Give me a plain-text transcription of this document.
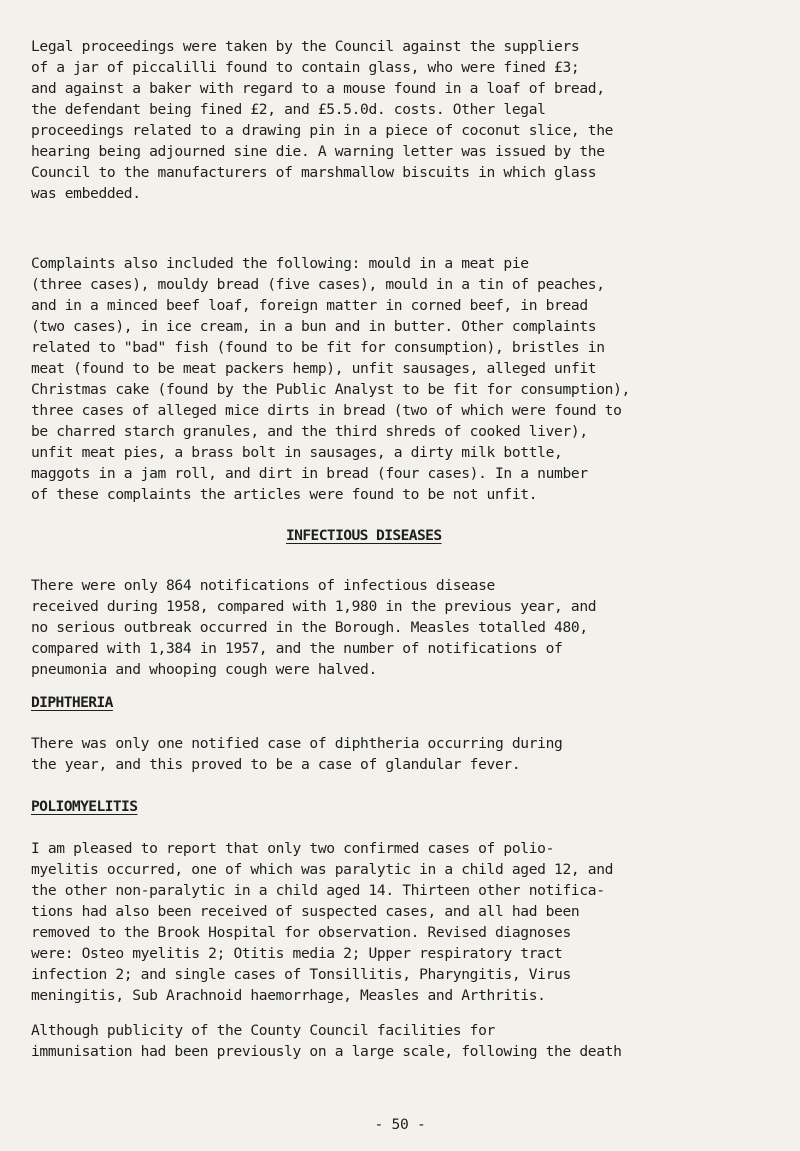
Legal proceedings were taken by the Council against the suppliers
of a jar of piccalilli found to contain glass, who were fined £3;
and against a baker with regard to a mouse found in a loaf of bread,
the defendant being fined £2, and £5.5.0d. costs. Other legal
proceedings related to a drawing pin in a piece of coconut slice, the
hearing being adjourned sine die. A warning letter was issued by the
Council to the manufacturers of marshmallow biscuits in which glass
was embedded.

Complaints also included the following: mould in a meat pie
(three cases), mouldy bread (five cases), mould in a tin of peaches,
and in a minced beef loaf, foreign matter in corned beef, in bread
(two cases), in ice cream, in a bun and in butter. Other complaints
related to "bad" fish (found to be fit for consumption), bristles in
meat (found to be meat packers hemp), unfit sausages, alleged unfit
Christmas cake (found by the Public Analyst to be fit for consumption),
three cases of alleged mice dirts in bread (two of which were found to
be charred starch granules, and the third shreds of cooked liver),
unfit meat pies, a brass bolt in sausages, a dirty milk bottle,
maggots in a jam roll, and dirt in bread (four cases). In a number
of these complaints the articles were found to be not unfit.

INFECTIOUS DISEASES

There were only 864 notifications of infectious disease
received during 1958, compared with 1,980 in the previous year, and
no serious outbreak occurred in the Borough. Measles totalled 480,
compared with 1,384 in 1957, and the number of notifications of
pneumonia and whooping cough were halved.

DIPHTHERIA

There was only one notified case of diphtheria occurring during
the year, and this proved to be a case of glandular fever.

POLIOMYELITIS

I am pleased to report that only two confirmed cases of polio-
myelitis occurred, one of which was paralytic in a child aged 12, and
the other non-paralytic in a child aged 14. Thirteen other notifica-
tions had also been received of suspected cases, and all had been
removed to the Brook Hospital for observation. Revised diagnoses
were: Osteo myelitis 2; Otitis media 2; Upper respiratory tract
infection 2; and single cases of Tonsillitis, Pharyngitis, Virus
meningitis, Sub Arachnoid haemorrhage, Measles and Arthritis.

Although publicity of the County Council facilities for
immunisation had been previously on a large scale, following the death

- 50 -
